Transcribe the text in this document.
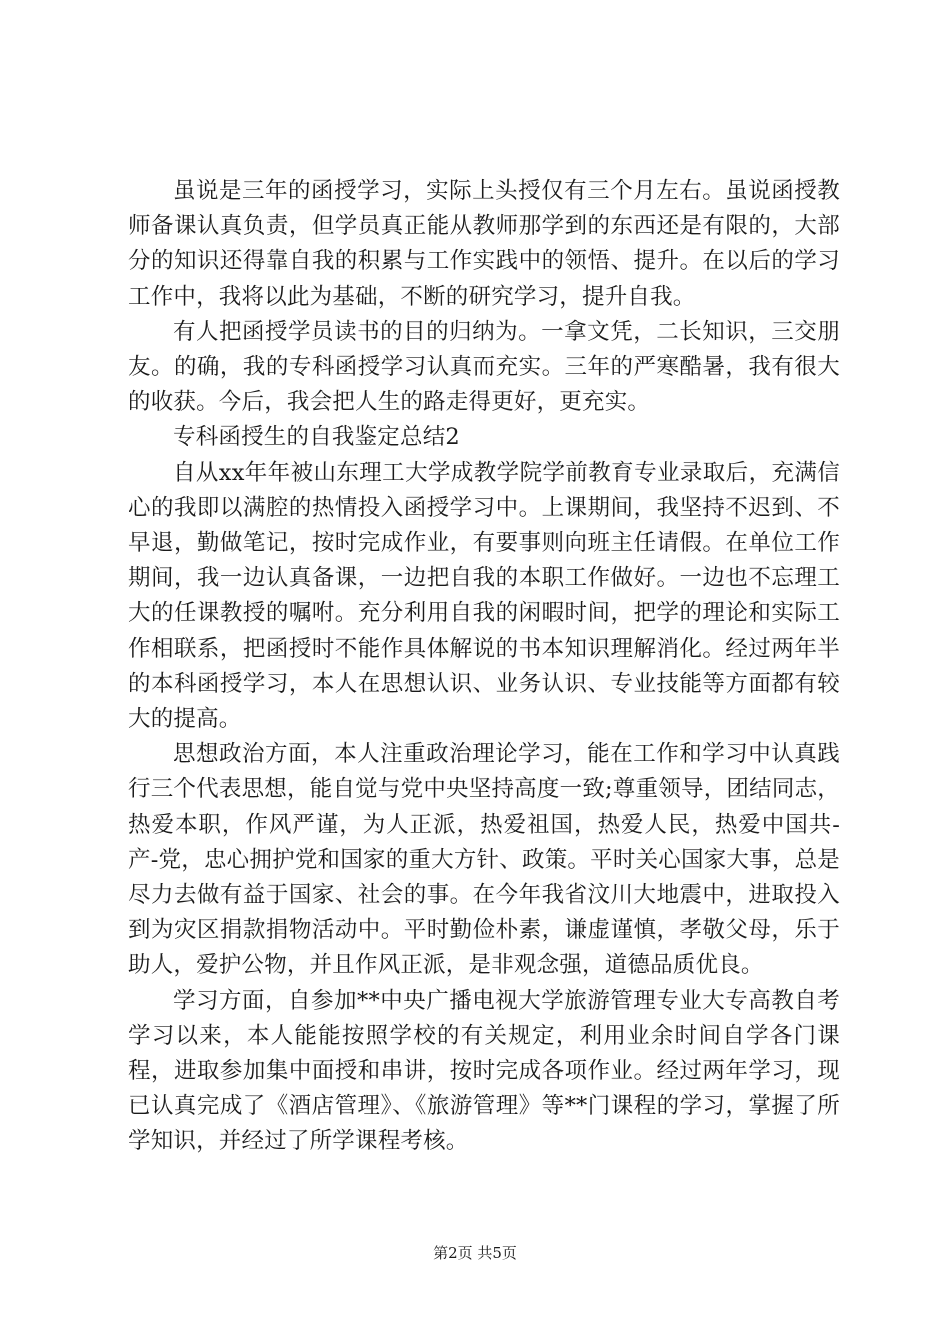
虽说是三年的函授学习，实际上头授仅有三个月左右。虽说函授教师备课认真负责，但学员真正能从教师那学到的东西还是有限的，大部分的知识还得靠自我的积累与工作实践中的领悟、提升。在以后的学习工作中，我将以此为基础，不断的研究学习，提升自我。

有人把函授学员读书的目的归纳为。一拿文凭，二长知识，三交朋友。的确，我的专科函授学习认真而充实。三年的严寒酷暑，我有很大的收获。今后，我会把人生的路走得更好，更充实。

专科函授生的自我鉴定总结2

自从xx年年被山东理工大学成教学院学前教育专业录取后，充满信心的我即以满腔的热情投入函授学习中。上课期间，我坚持不迟到、不早退，勤做笔记，按时完成作业，有要事则向班主任请假。在单位工作期间，我一边认真备课，一边把自我的本职工作做好。一边也不忘理工大的任课教授的嘱咐。充分利用自我的闲暇时间，把学的理论和实际工作相联系，把函授时不能作具体解说的书本知识理解消化。经过两年半的本科函授学习，本人在思想认识、业务认识、专业技能等方面都有较大的提高。

思想政治方面，本人注重政治理论学习，能在工作和学习中认真践行三个代表思想，能自觉与党中央坚持高度一致;尊重领导，团结同志，热爱本职，作风严谨，为人正派，热爱祖国，热爱人民，热爱中国共-产-党，忠心拥护党和国家的重大方针、政策。平时关心国家大事，总是尽力去做有益于国家、社会的事。在今年我省汶川大地震中，进取投入到为灾区捐款捐物活动中。平时勤俭朴素，谦虚谨慎，孝敬父母，乐于助人，爱护公物，并且作风正派，是非观念强，道德品质优良。

学习方面，自参加**中央广播电视大学旅游管理专业大专高教自考学习以来，本人能能按照学校的有关规定，利用业余时间自学各门课程，进取参加集中面授和串讲，按时完成各项作业。经过两年学习，现已认真完成了《酒店管理》、《旅游管理》等**门课程的学习，掌握了所学知识，并经过了所学课程考核。

第2页 共5页
